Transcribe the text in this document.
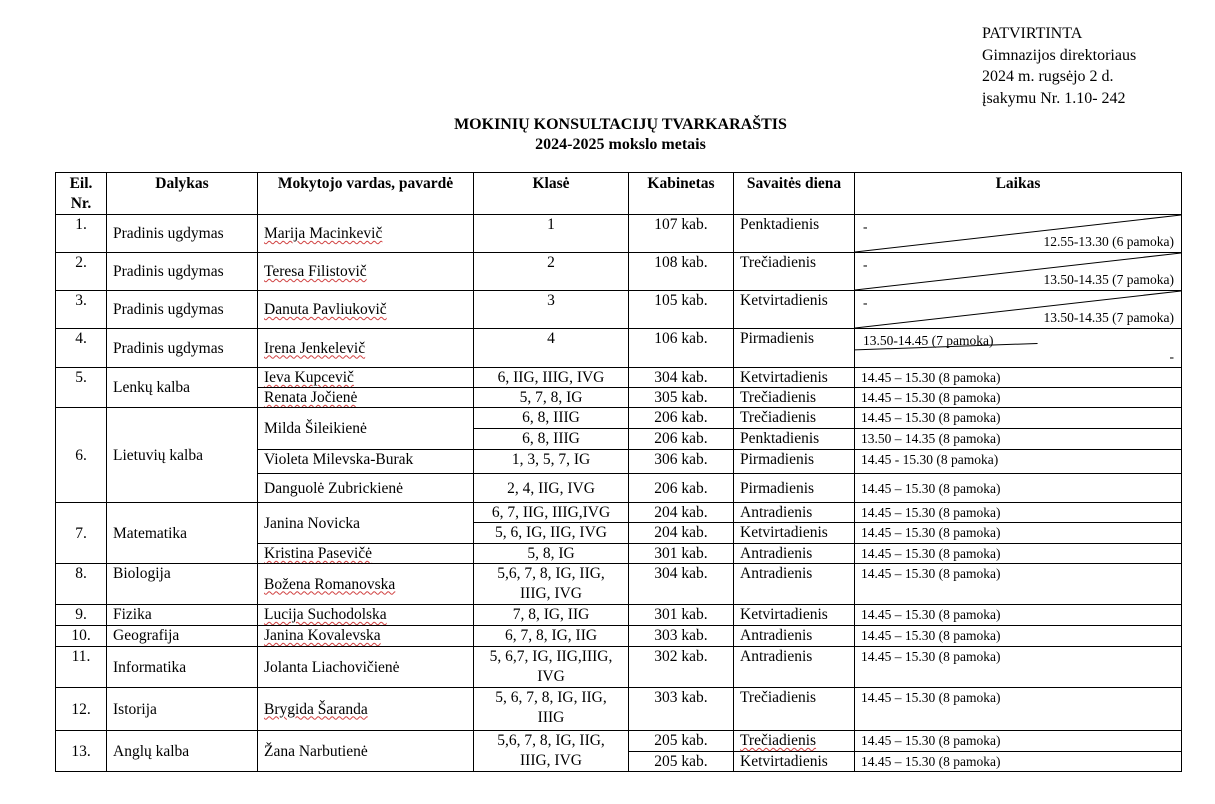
PATVIRTINTA
Gimnazijos direktoriaus
2024 m. rugsėjo 2 d.
įsakymu Nr. 1.10- 242
MOKINIŲ KONSULTACIJŲ TVARKARAŠTIS
2024-2025 mokslo metais
Eil. Nr.	Dalykas	Mokytojo vardas, pavardė	Klasė	Kabinetas	Savaitės diena	Laikas
1.	Pradinis ugdymas	Marija Macinkevič	1	107 kab.	Penktadienis	-
12.55-13.30 (6 pamoka)

2.	Pradinis ugdymas	Teresa Filistovič	2	108 kab.	Trečiadienis	-
13.50-14.35 (7 pamoka)

3.	Pradinis ugdymas	Danuta Pavliukovič	3	105 kab.	Ketvirtadienis	-
13.50-14.35 (7 pamoka)

4.	Pradinis ugdymas	Irena Jenkelevič	4	106 kab.	Pirmadienis	13.50-14.45 (7 pamoka)
-

5.	Lenkų kalba	Ieva Kupcevič	6, IIG, IIIG, IVG	304 kab.	Ketvirtadienis	14.45 – 15.30 (8 pamoka)
		Renata Jočienė	5, 7, 8, IG	305 kab.	Trečiadienis	14.45 – 15.30 (8 pamoka)
6.	Lietuvių kalba	Milda Šileikienė	6, 8, IIIG	206 kab.	Trečiadienis	14.45 – 15.30 (8 pamoka)
			6, 8, IIIG	206 kab.	Penktadienis	13.50 – 14.35 (8 pamoka)
		Violeta Milevska-Burak	1, 3, 5, 7, IG	306 kab.	Pirmadienis	14.45 - 15.30 (8 pamoka)
		Danguolė Zubrickienė	2, 4, IIG, IVG	206 kab.	Pirmadienis	14.45 – 15.30 (8 pamoka)
7.	Matematika	Janina Novicka	6, 7, IIG, IIIG,IVG	204 kab.	Antradienis	14.45 – 15.30 (8 pamoka)
			5, 6, IG, IIG, IVG	204 kab.	Ketvirtadienis	14.45 – 15.30 (8 pamoka)
		Kristina Pasevičė	5, 8, IG	301 kab.	Antradienis	14.45 – 15.30 (8 pamoka)
8.	Biologija	Božena Romanovska	5,6, 7, 8, IG, IIG, IIIG, IVG	304 kab.	Antradienis	14.45 – 15.30 (8 pamoka)
9.	Fizika	Lucija Suchodolska	7, 8, IG, IIG	301 kab.	Ketvirtadienis	14.45 – 15.30 (8 pamoka)
10.	Geografija	Janina Kovalevska	6, 7, 8, IG, IIG	303 kab.	Antradienis	14.45 – 15.30 (8 pamoka)
11.	Informatika	Jolanta Liachovičienė	5, 6,7, IG, IIG,IIIG, IVG	302 kab.	Antradienis	14.45 – 15.30 (8 pamoka)
12.	Istorija	Brygida Šaranda	5, 6, 7, 8, IG, IIG, IIIG	303 kab.	Trečiadienis	14.45 – 15.30 (8 pamoka)
13.	Anglų kalba	Žana Narbutienė	5,6, 7, 8, IG, IIG, IIIG, IVG	205 kab.	Trečiadienis	14.45 – 15.30 (8 pamoka)
				205 kab.	Ketvirtadienis	14.45 – 15.30 (8 pamoka)
